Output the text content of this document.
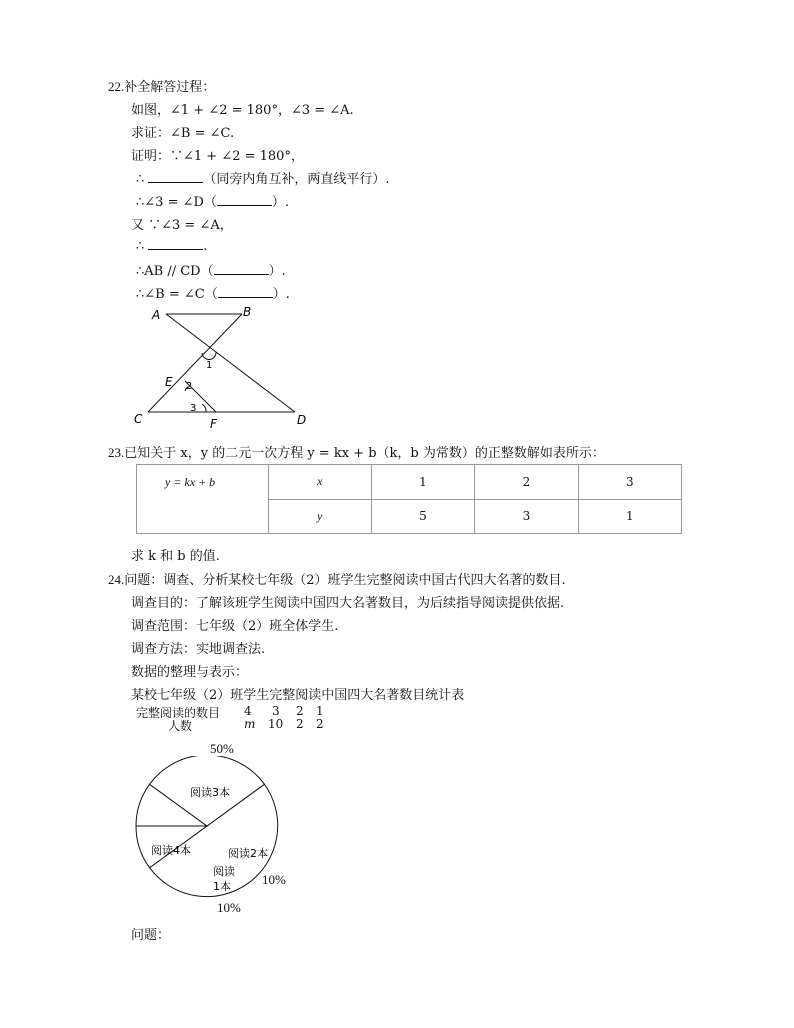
22.补全解答过程：
如图，∠1 + ∠2 = 180°，∠3 = ∠A.
求证：∠B = ∠C.
证明：∵∠1 + ∠2 = 180°，
∴	（同旁内角互补，两直线平行）.
∴∠3 = ∠D（	）.
又 ∵∠3 = ∠A，
∴	.
∴AB // CD（	）.
∴∠B = ∠C（	）.
A	B
C	D
E
F
1
2
3
23.已知关于 x，y 的二元一次方程 y = kx + b（k，b 为常数）的正整数解如表所示：
y = kx + b	x	1	2	3
	y	5	3	1
求 k 和 b 的值.
24.问题：调查、分析某校七年级（2）班学生完整阅读中国古代四大名著的数目.
调查目的：了解该班学生阅读中国四大名著数目，为后续指导阅读提供依据.
调查范围：七年级（2）班全体学生.
调查方法：实地调查法.
数据的整理与表示：
某校七年级（2）班学生完整阅读中国四大名著数目统计表
完整阅读的数目 4 3 2 1
人数	m 10 2 2
50%
阅读3本
阅读2本
阅读
1本
阅读4本
10%
10%
问题：
